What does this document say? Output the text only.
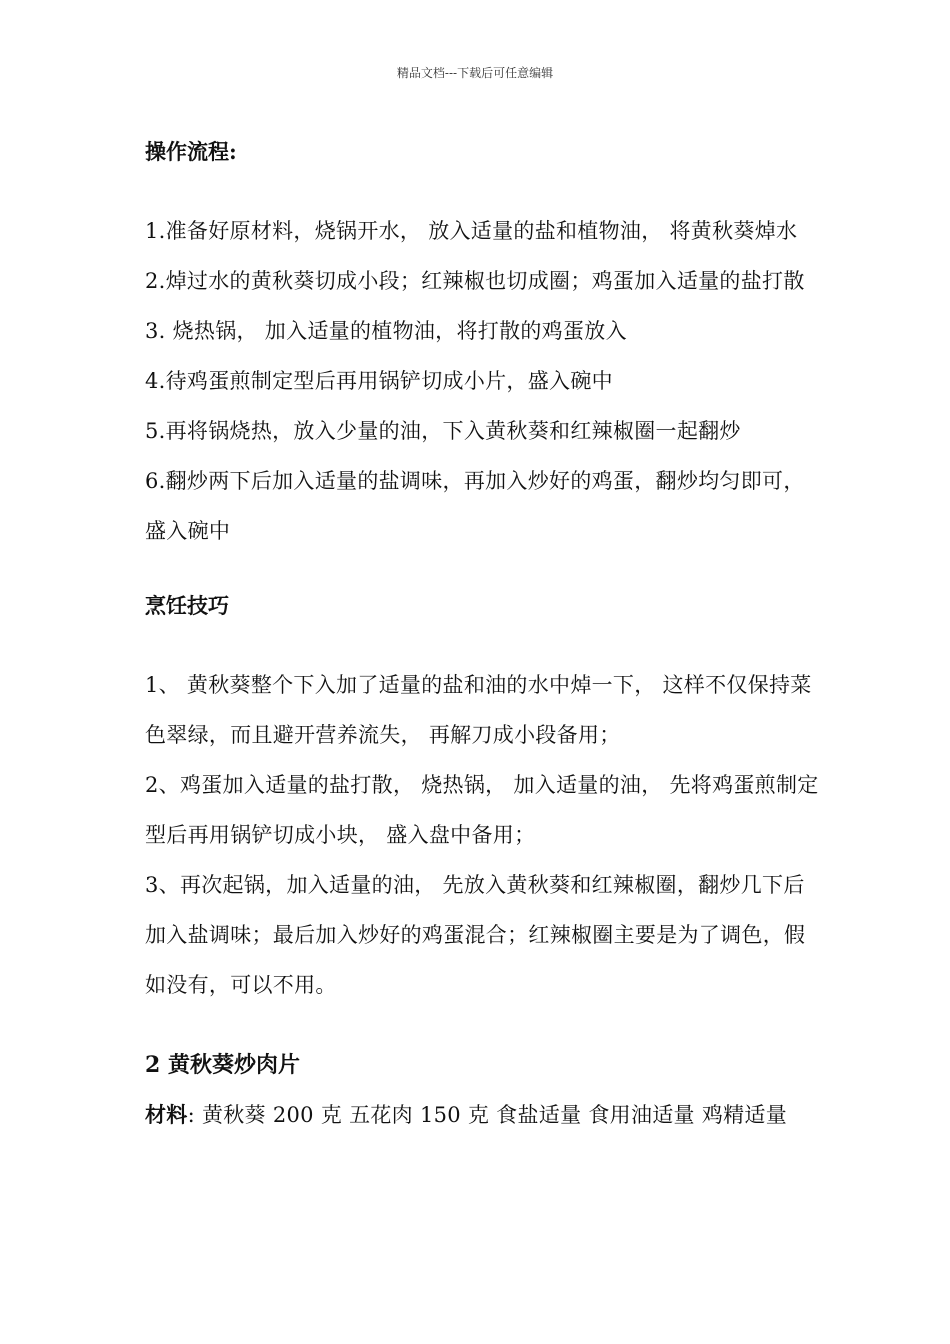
精品文档---下载后可任意编辑

操作流程:

1.准备好原材料，烧锅开水， 放入适量的盐和植物油， 将黄秋葵焯水

2.焯过水的黄秋葵切成小段；红辣椒也切成圈；鸡蛋加入适量的盐打散

3. 烧热锅， 加入适量的植物油，将打散的鸡蛋放入

4.待鸡蛋煎制定型后再用锅铲切成小片，盛入碗中

5.再将锅烧热，放入少量的油，下入黄秋葵和红辣椒圈一起翻炒

6.翻炒两下后加入适量的盐调味，再加入炒好的鸡蛋，翻炒均匀即可，盛入碗中

烹饪技巧

1、 黄秋葵整个下入加了适量的盐和油的水中焯一下， 这样不仅保持菜色翠绿，而且避开营养流失， 再解刀成小段备用；

2、鸡蛋加入适量的盐打散， 烧热锅， 加入适量的油， 先将鸡蛋煎制定型后再用锅铲切成小块， 盛入盘中备用；

3、再次起锅，加入适量的油， 先放入黄秋葵和红辣椒圈，翻炒几下后加入盐调味；最后加入炒好的鸡蛋混合；红辣椒圈主要是为了调色，假如没有，可以不用。

2 黄秋葵炒肉片

材料: 黄秋葵 200 克 五花肉 150 克 食盐适量 食用油适量 鸡精适量
